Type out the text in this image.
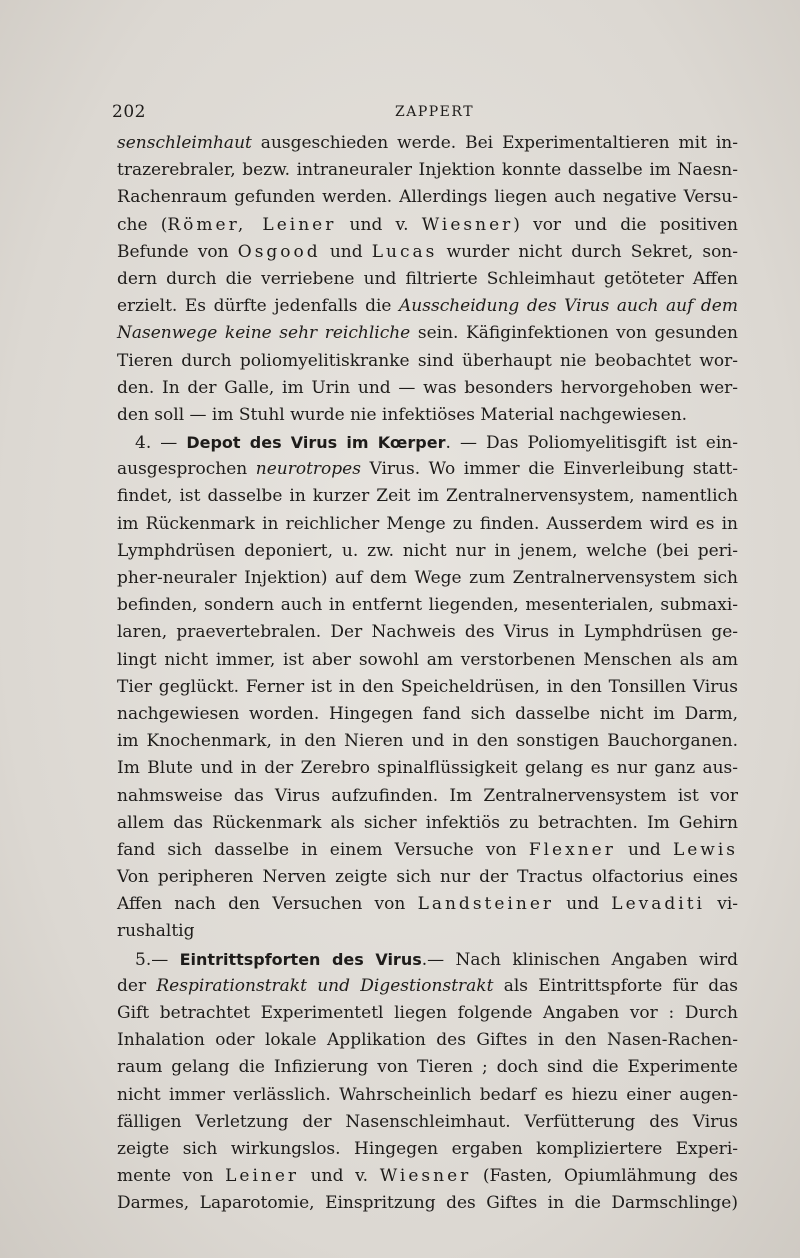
202	ZAPPERT
senschleimhaut ausgeschieden werde. Bei Experimentaltieren mit in-
trazerebraler, bezw. intraneuraler Injektion konnte dasselbe im Naesn-
Rachenraum gefunden werden. Allerdings liegen auch negative Versu-
che (Römer, Leiner und v. Wiesner) vor und die positiven
Befunde von Osgood und Lucas wurder nicht durch Sekret, son-
dern durch die verriebene und filtrierte Schleimhaut getöteter Affen
erzielt. Es dürfte jedenfalls die Ausscheidung des Virus auch auf dem
Nasenwege keine sehr reichliche sein. Käfiginfektionen von gesunden
Tieren durch poliomyelitiskranke sind überhaupt nie beobachtet wor-
den. In der Galle, im Urin und — was besonders hervorgehoben wer-
den soll — im Stuhl wurde nie infektiöses Material nachgewiesen.
4. — Depot des Virus im Kœrper. — Das Poliomyelitisgift ist ein-
ausgesprochen neurotropes Virus. Wo immer die Einverleibung statt-
findet, ist dasselbe in kurzer Zeit im Zentralnervensystem, namentlich
im Rückenmark in reichlicher Menge zu finden. Ausserdem wird es in
Lymphdrüsen deponiert, u. zw. nicht nur in jenem, welche (bei peri-
pher-neuraler Injektion) auf dem Wege zum Zentralnervensystem sich
befinden, sondern auch in entfernt liegenden, mesenterialen, submaxi-
laren, praevertebralen. Der Nachweis des Virus in Lymphdrüsen ge-
lingt nicht immer, ist aber sowohl am verstorbenen Menschen als am
Tier geglückt. Ferner ist in den Speicheldrüsen, in den Tonsillen Virus
nachgewiesen worden. Hingegen fand sich dasselbe nicht im Darm,
im Knochenmark, in den Nieren und in den sonstigen Bauchorganen.
Im Blute und in der Zerebro spinalflüssigkeit gelang es nur ganz aus-
nahmsweise das Virus aufzufinden. Im Zentralnervensystem ist vor
allem das Rückenmark als sicher infektiös zu betrachten. Im Gehirn
fand sich dasselbe in einem Versuche von Flexner und Lewis
Von peripheren Nerven zeigte sich nur der Tractus olfactorius eines
Affen nach den Versuchen von Landsteiner und Levaditi vi-
rushaltig
5.— Eintrittspforten des Virus.— Nach klinischen Angaben wird
der Respirationstrakt und Digestionstrakt als Eintrittspforte für das
Gift betrachtet Experimentetl liegen folgende Angaben vor : Durch
Inhalation oder lokale Applikation des Giftes in den Nasen-Rachen-
raum gelang die Infizierung von Tieren ; doch sind die Experimente
nicht immer verlässlich. Wahrscheinlich bedarf es hiezu einer augen-
fälligen Verletzung der Nasenschleimhaut. Verfütterung des Virus
zeigte sich wirkungslos. Hingegen ergaben kompliziertere Experi-
mente von Leiner und v. Wiesner (Fasten, Opiumlähmung des
Darmes, Laparotomie, Einspritzung des Giftes in die Darmschlinge)
